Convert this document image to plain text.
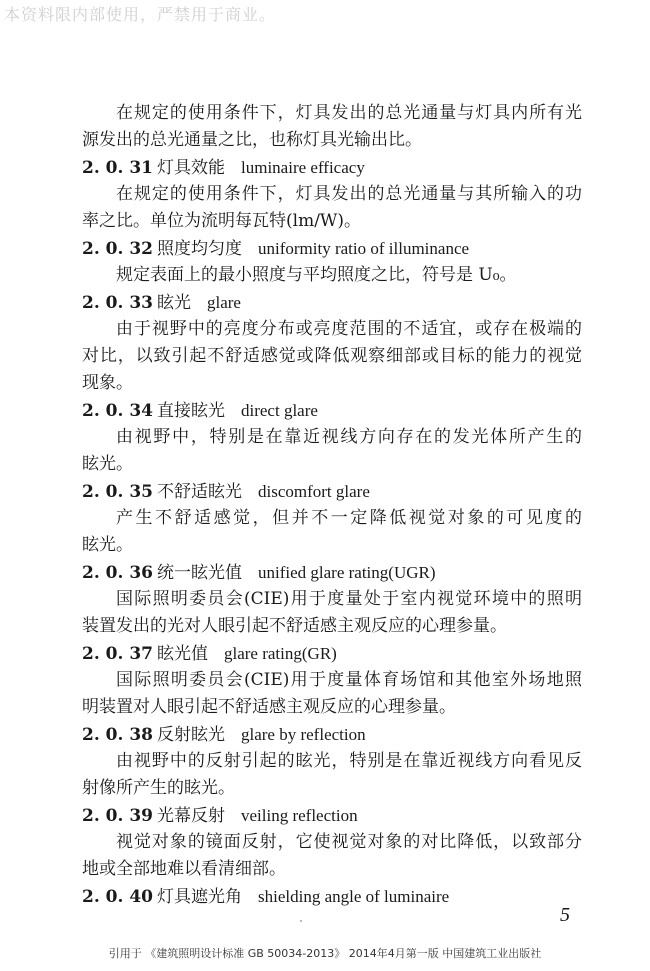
本资料限内部使用，严禁用于商业。
在规定的使用条件下，灯具发出的总光通量与灯具内所有光
源发出的总光通量之比，也称灯具光输出比。
2. 0. 31 灯具效能 luminaire efficacy
在规定的使用条件下，灯具发出的总光通量与其所输入的功
率之比。单位为流明每瓦特(lm/W)。
2. 0. 32 照度均匀度 uniformity ratio of illuminance
规定表面上的最小照度与平均照度之比，符号是 U₀。
2. 0. 33 眩光 glare
由于视野中的亮度分布或亮度范围的不适宜，或存在极端的
对比，以致引起不舒适感觉或降低观察细部或目标的能力的视觉
现象。
2. 0. 34 直接眩光 direct glare
由视野中，特别是在靠近视线方向存在的发光体所产生的
眩光。
2. 0. 35 不舒适眩光 discomfort glare
产生不舒适感觉，但并不一定降低视觉对象的可见度的
眩光。
2. 0. 36 统一眩光值 unified glare rating(UGR)
国际照明委员会(CIE)用于度量处于室内视觉环境中的照明
装置发出的光对人眼引起不舒适感主观反应的心理参量。
2. 0. 37 眩光值 glare rating(GR)
国际照明委员会(CIE)用于度量体育场馆和其他室外场地照
明装置对人眼引起不舒适感主观反应的心理参量。
2. 0. 38 反射眩光 glare by reflection
由视野中的反射引起的眩光，特别是在靠近视线方向看见反
射像所产生的眩光。
2. 0. 39 光幕反射 veiling reflection
视觉对象的镜面反射，它使视觉对象的对比降低，以致部分
地或全部地难以看清细部。
2. 0. 40 灯具遮光角 shielding angle of luminaire
5
引用于 《建筑照明设计标准 GB 50034-2013》 2014年4月第一版 中国建筑工业出版社
